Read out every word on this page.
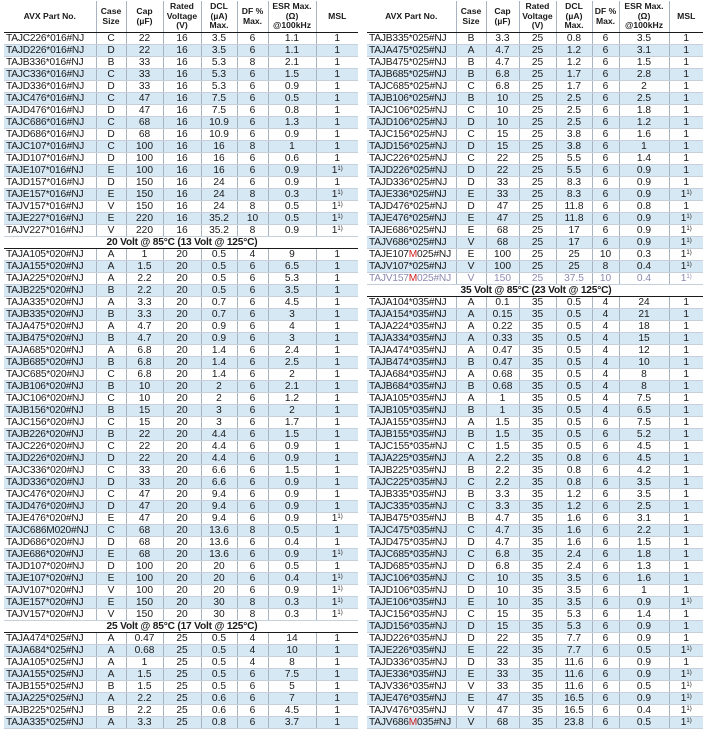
AVX Part No.	Case Size	Cap (µF)	Rated Voltage (V)	DCL (µA) Max.	DF % Max.	ESR Max. (Ω) @100kHz	MSL
TAJC226*016#NJ	C	22	16	3.5	6	1.1	1
TAJD226*016#NJ	D	22	16	3.5	6	1.1	1
TAJB336*016#NJ	B	33	16	5.3	8	2.1	1
TAJC336*016#NJ	C	33	16	5.3	6	1.5	1
TAJD336*016#NJ	D	33	16	5.3	6	0.9	1
TAJC476*016#NJ	C	47	16	7.5	6	0.5	1
TAJD476*016#NJ	D	47	16	7.5	6	0.8	1
TAJC686*016#NJ	C	68	16	10.9	6	1.3	1
TAJD686*016#NJ	D	68	16	10.9	6	0.9	1
TAJC107*016#NJ	C	100	16	16	8	1	1
TAJD107*016#NJ	D	100	16	16	6	0.6	1
TAJE107*016#NJ	E	100	16	16	6	0.9	1$^{1)}$
TAJD157*016#NJ	D	150	16	24	6	0.9	1
TAJE157*016#NJ	E	150	16	24	8	0.3	1$^{1)}$
TAJV157*016#NJ	V	150	16	24	8	0.5	1$^{1)}$
TAJE227*016#NJ	E	220	16	35.2	10	0.5	1$^{1)}$
TAJV227*016#NJ	V	220	16	35.2	8	0.9	1$^{1)}$
20 Volt @ 85°C (13 Volt @ 125°C)							
TAJA105*020#NJ	A	1	20	0.5	4	9	1
TAJA155*020#NJ	A	1.5	20	0.5	6	6.5	1
TAJA225*020#NJ	A	2.2	20	0.5	6	5.3	1
TAJB225*020#NJ	B	2.2	20	0.5	6	3.5	1
TAJA335*020#NJ	A	3.3	20	0.7	6	4.5	1
TAJB335*020#NJ	B	3.3	20	0.7	6	3	1
TAJA475*020#NJ	A	4.7	20	0.9	6	4	1
TAJB475*020#NJ	B	4.7	20	0.9	6	3	1
TAJA685*020#NJ	A	6.8	20	1.4	6	2.4	1
TAJB685*020#NJ	B	6.8	20	1.4	6	2.5	1
TAJC685*020#NJ	C	6.8	20	1.4	6	2	1
TAJB106*020#NJ	B	10	20	2	6	2.1	1
TAJC106*020#NJ	C	10	20	2	6	1.2	1
TAJB156*020#NJ	B	15	20	3	6	2	1
TAJC156*020#NJ	C	15	20	3	6	1.7	1
TAJB226*020#NJ	B	22	20	4.4	6	1.5	1
TAJC226*020#NJ	C	22	20	4.4	6	0.9	1
TAJD226*020#NJ	D	22	20	4.4	6	0.9	1
TAJC336*020#NJ	C	33	20	6.6	6	1.5	1
TAJD336*020#NJ	D	33	20	6.6	6	0.9	1
TAJC476*020#NJ	C	47	20	9.4	6	0.9	1
TAJD476*020#NJ	D	47	20	9.4	6	0.9	1
TAJE476*020#NJ	E	47	20	9.4	6	0.9	1$^{1)}$
TAJC686M020#NJ	C	68	20	13.6	8	0.5	1
TAJD686*020#NJ	D	68	20	13.6	6	0.4	1
TAJE686*020#NJ	E	68	20	13.6	6	0.9	1$^{1)}$
TAJD107*020#NJ	D	100	20	20	6	0.5	1
TAJE107*020#NJ	E	100	20	20	6	0.4	1$^{1)}$
TAJV107*020#NJ	V	100	20	20	6	0.9	1$^{1)}$
TAJE157*020#NJ	E	150	20	30	8	0.3	1$^{1)}$
TAJV157*020#NJ	V	150	20	30	8	0.3	1$^{1)}$
25 Volt @ 85°C (17 Volt @ 125°C)							
TAJA474*025#NJ	A	0.47	25	0.5	4	14	1
TAJA684*025#NJ	A	0.68	25	0.5	4	10	1
TAJA105*025#NJ	A	1	25	0.5	4	8	1
TAJA155*025#NJ	A	1.5	25	0.5	6	7.5	1
TAJB155*025#NJ	B	1.5	25	0.5	6	5	1
TAJA225*025#NJ	A	2.2	25	0.6	6	7	1
TAJB225*025#NJ	B	2.2	25	0.6	6	4.5	1
TAJA335*025#NJ	A	3.3	25	0.8	6	3.7	1
AVX Part No.	Case Size	Cap (µF)	Rated Voltage (V)	DCL (µA) Max.	DF % Max.	ESR Max. (Ω) @100kHz	MSL
TAJB335*025#NJ	B	3.3	25	0.8	6	3.5	1
TAJA475*025#NJ	A	4.7	25	1.2	6	3.1	1
TAJB475*025#NJ	B	4.7	25	1.2	6	1.5	1
TAJB685*025#NJ	B	6.8	25	1.7	6	2.8	1
TAJC685*025#NJ	C	6.8	25	1.7	6	2	1
TAJB106*025#NJ	B	10	25	2.5	6	2.5	1
TAJC106*025#NJ	C	10	25	2.5	6	1.8	1
TAJD106*025#NJ	D	10	25	2.5	6	1.2	1
TAJC156*025#NJ	C	15	25	3.8	6	1.6	1
TAJD156*025#NJ	D	15	25	3.8	6	1	1
TAJC226*025#NJ	C	22	25	5.5	6	1.4	1
TAJD226*025#NJ	D	22	25	5.5	6	0.9	1
TAJD336*025#NJ	D	33	25	8.3	6	0.9	1
TAJE336*025#NJ	E	33	25	8.3	6	0.9	1$^{1)}$
TAJD476*025#NJ	D	47	25	11.8	6	0.8	1
TAJE476*025#NJ	E	47	25	11.8	6	0.9	1$^{1)}$
TAJE686*025#NJ	E	68	25	17	6	0.9	1$^{1)}$
TAJV686*025#NJ	V	68	25	17	6	0.9	1$^{1)}$
TAJE107M025#NJ	E	100	25	25	10	0.3	1$^{1)}$
TAJV107*025#NJ	V	100	25	25	8	0.4	1$^{1)}$
TAJV157M025#NJ	V	150	25	37.5	10	0.4	1$^{1)}$
35 Volt @ 85°C (23 Volt @ 125°C)							
TAJA104*035#NJ	A	0.1	35	0.5	4	24	1
TAJA154*035#NJ	A	0.15	35	0.5	4	21	1
TAJA224*035#NJ	A	0.22	35	0.5	4	18	1
TAJA334*035#NJ	A	0.33	35	0.5	4	15	1
TAJA474*035#NJ	A	0.47	35	0.5	4	12	1
TAJB474*035#NJ	B	0.47	35	0.5	4	10	1
TAJA684*035#NJ	A	0.68	35	0.5	4	8	1
TAJB684*035#NJ	B	0.68	35	0.5	4	8	1
TAJA105*035#NJ	A	1	35	0.5	4	7.5	1
TAJB105*035#NJ	B	1	35	0.5	4	6.5	1
TAJA155*035#NJ	A	1.5	35	0.5	6	7.5	1
TAJB155*035#NJ	B	1.5	35	0.5	6	5.2	1
TAJC155*035#NJ	C	1.5	35	0.5	6	4.5	1
TAJA225*035#NJ	A	2.2	35	0.8	6	4.5	1
TAJB225*035#NJ	B	2.2	35	0.8	6	4.2	1
TAJC225*035#NJ	C	2.2	35	0.8	6	3.5	1
TAJB335*035#NJ	B	3.3	35	1.2	6	3.5	1
TAJC335*035#NJ	C	3.3	35	1.2	6	2.5	1
TAJB475*035#NJ	B	4.7	35	1.6	6	3.1	1
TAJC475*035#NJ	C	4.7	35	1.6	6	2.2	1
TAJD475*035#NJ	D	4.7	35	1.6	6	1.5	1
TAJC685*035#NJ	C	6.8	35	2.4	6	1.8	1
TAJD685*035#NJ	D	6.8	35	2.4	6	1.3	1
TAJC106*035#NJ	C	10	35	3.5	6	1.6	1
TAJD106*035#NJ	D	10	35	3.5	6	1	1
TAJE106*035#NJ	E	10	35	3.5	6	0.9	1$^{1)}$
TAJC156*035#NJ	C	15	35	5.3	6	1.4	1
TAJD156*035#NJ	D	15	35	5.3	6	0.9	1
TAJD226*035#NJ	D	22	35	7.7	6	0.9	1
TAJE226*035#NJ	E	22	35	7.7	6	0.5	1$^{1)}$
TAJD336*035#NJ	D	33	35	11.6	6	0.9	1
TAJE336*035#NJ	E	33	35	11.6	6	0.9	1$^{1)}$
TAJV336*035#NJ	V	33	35	11.6	6	0.5	1$^{1)}$
TAJE476*035#NJ	E	47	35	16.5	6	0.9	1$^{1)}$
TAJV476*035#NJ	V	47	35	16.5	6	0.4	1$^{1)}$
TAJV686M035#NJ	V	68	35	23.8	6	0.5	1$^{1)}$
